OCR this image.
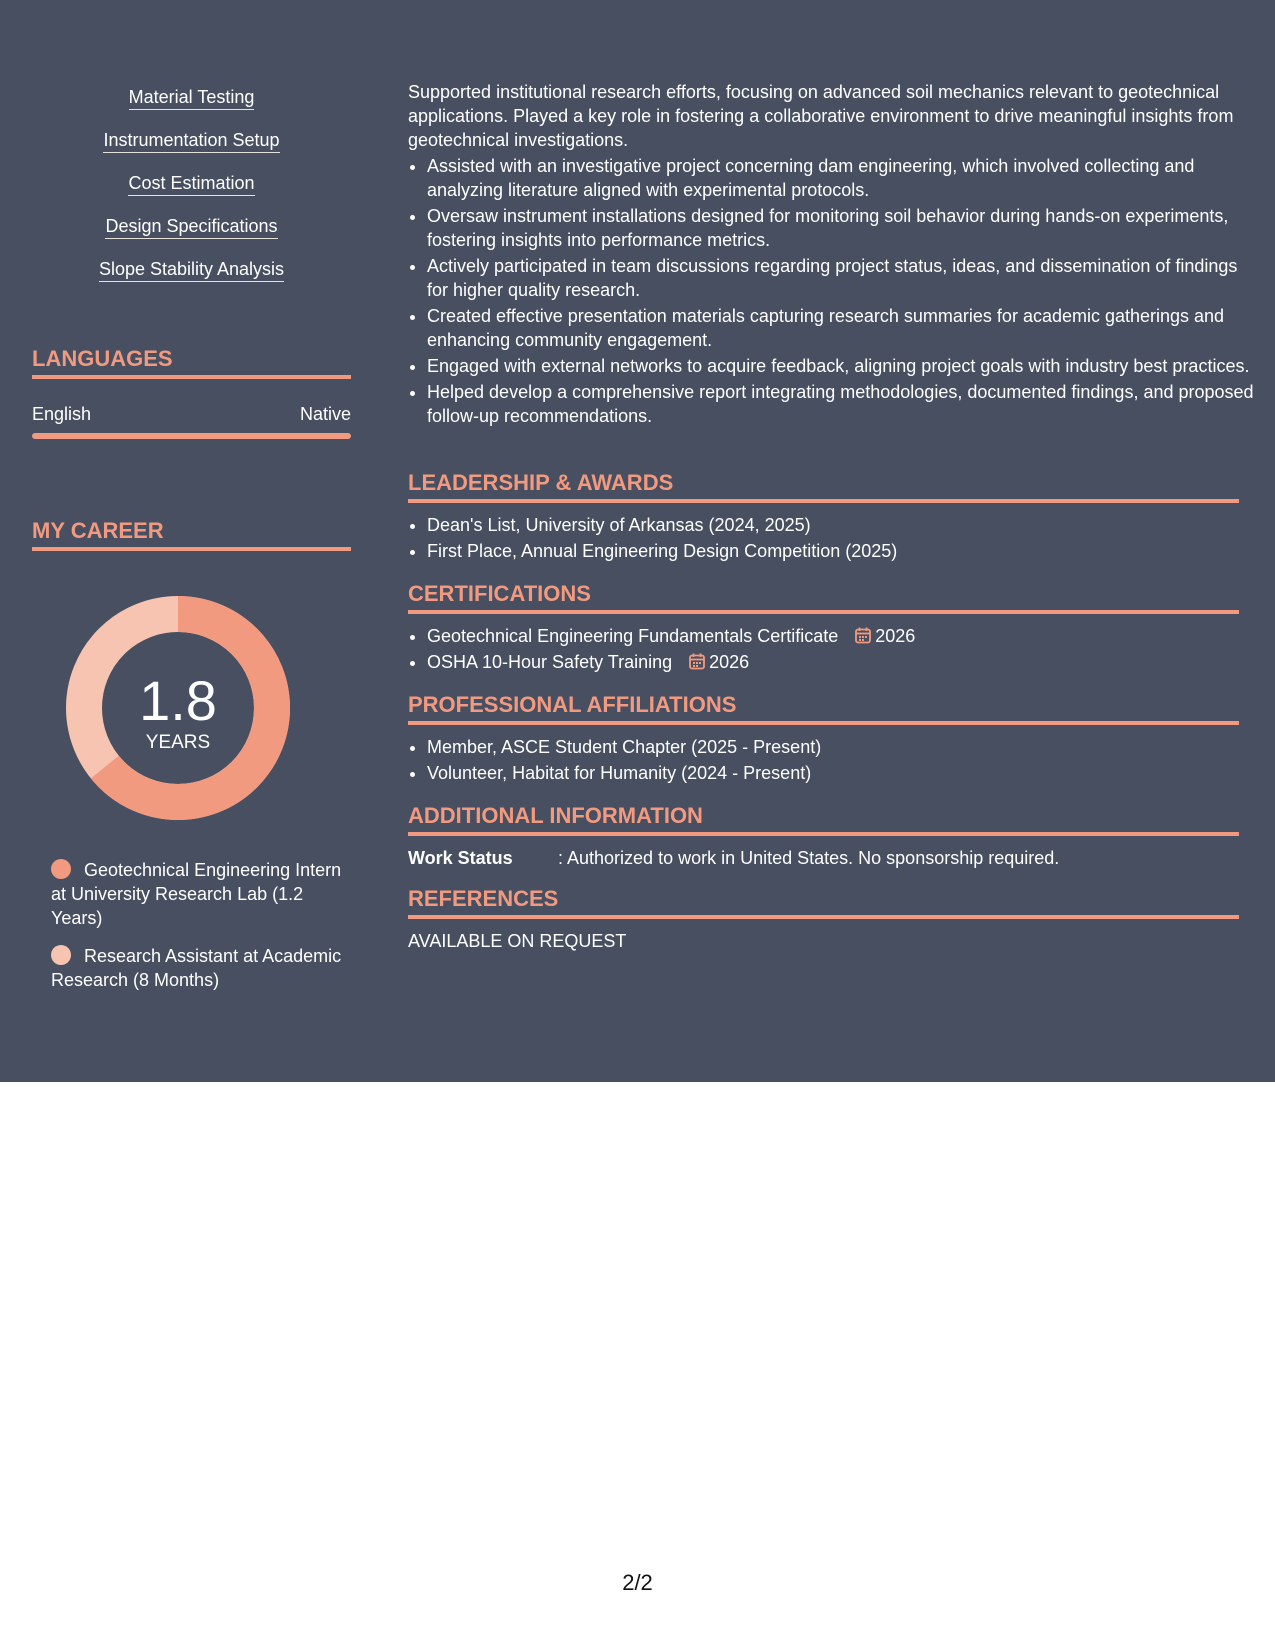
Material Testing
Instrumentation Setup
Cost Estimation
Design Specifications
Slope Stability Analysis
LANGUAGES
English	Native
MY CAREER
1.8
YEARS
Geotechnical Engineering Intern at University Research Lab (1.2 Years)
Research Assistant at Academic Research (8 Months)

Supported institutional research efforts, focusing on advanced soil mechanics relevant to geotechnical applications. Played a key role in fostering a collaborative environment to drive meaningful insights from geotechnical investigations.

• Assisted with an investigative project concerning dam engineering, which involved collecting and analyzing literature aligned with experimental protocols.
• Oversaw instrument installations designed for monitoring soil behavior during hands-on experiments, fostering insights into performance metrics.
• Actively participated in team discussions regarding project status, ideas, and dissemination of findings for higher quality research.
• Created effective presentation materials capturing research summaries for academic gatherings and enhancing community engagement.
• Engaged with external networks to acquire feedback, aligning project goals with industry best practices.
• Helped develop a comprehensive report integrating methodologies, documented findings, and proposed follow-up recommendations.
LEADERSHIP & AWARDS
• Dean's List, University of Arkansas (2024, 2025)
• First Place, Annual Engineering Design Competition (2025)
CERTIFICATIONS
• Geotechnical Engineering Fundamentals Certificate 2026
• OSHA 10-Hour Safety Training 2026
PROFESSIONAL AFFILIATIONS
• Member, ASCE Student Chapter (2025 - Present)
• Volunteer, Habitat for Humanity (2024 - Present)
ADDITIONAL INFORMATION
Work Status	: Authorized to work in United States. No sponsorship required.
REFERENCES
AVAILABLE ON REQUEST
2/2
